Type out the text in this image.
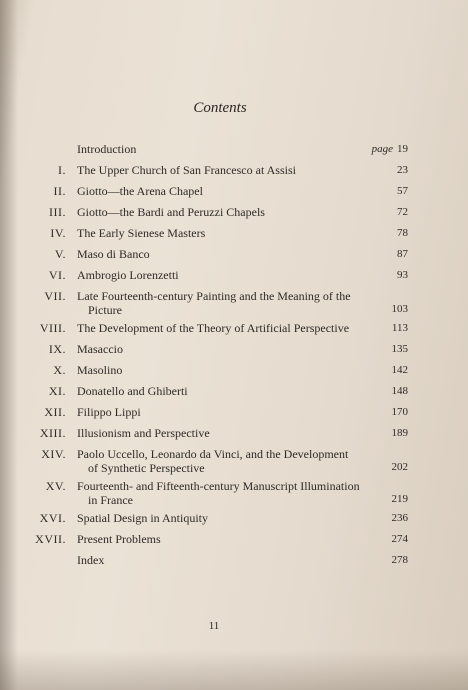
Contents
Introduction	page 19
I. The Upper Church of San Francesco at Assisi	23
II. Giotto—the Arena Chapel	57
III. Giotto—the Bardi and Peruzzi Chapels	72
IV. The Early Sienese Masters	78
V. Maso di Banco	87
VI. Ambrogio Lorenzetti	93
VII. Late Fourteenth-century Painting and the Meaning of the
Picture	103
VIII. The Development of the Theory of Artificial Perspective	113
IX. Masaccio	135
X. Masolino	142
XI. Donatello and Ghiberti	148
XII. Filippo Lippi	170
XIII. Illusionism and Perspective	189
XIV. Paolo Uccello, Leonardo da Vinci, and the Development
of Synthetic Perspective	202
XV. Fourteenth- and Fifteenth-century Manuscript Illumination
in France	219
XVI. Spatial Design in Antiquity	236
XVII. Present Problems	274
Index	278
11
